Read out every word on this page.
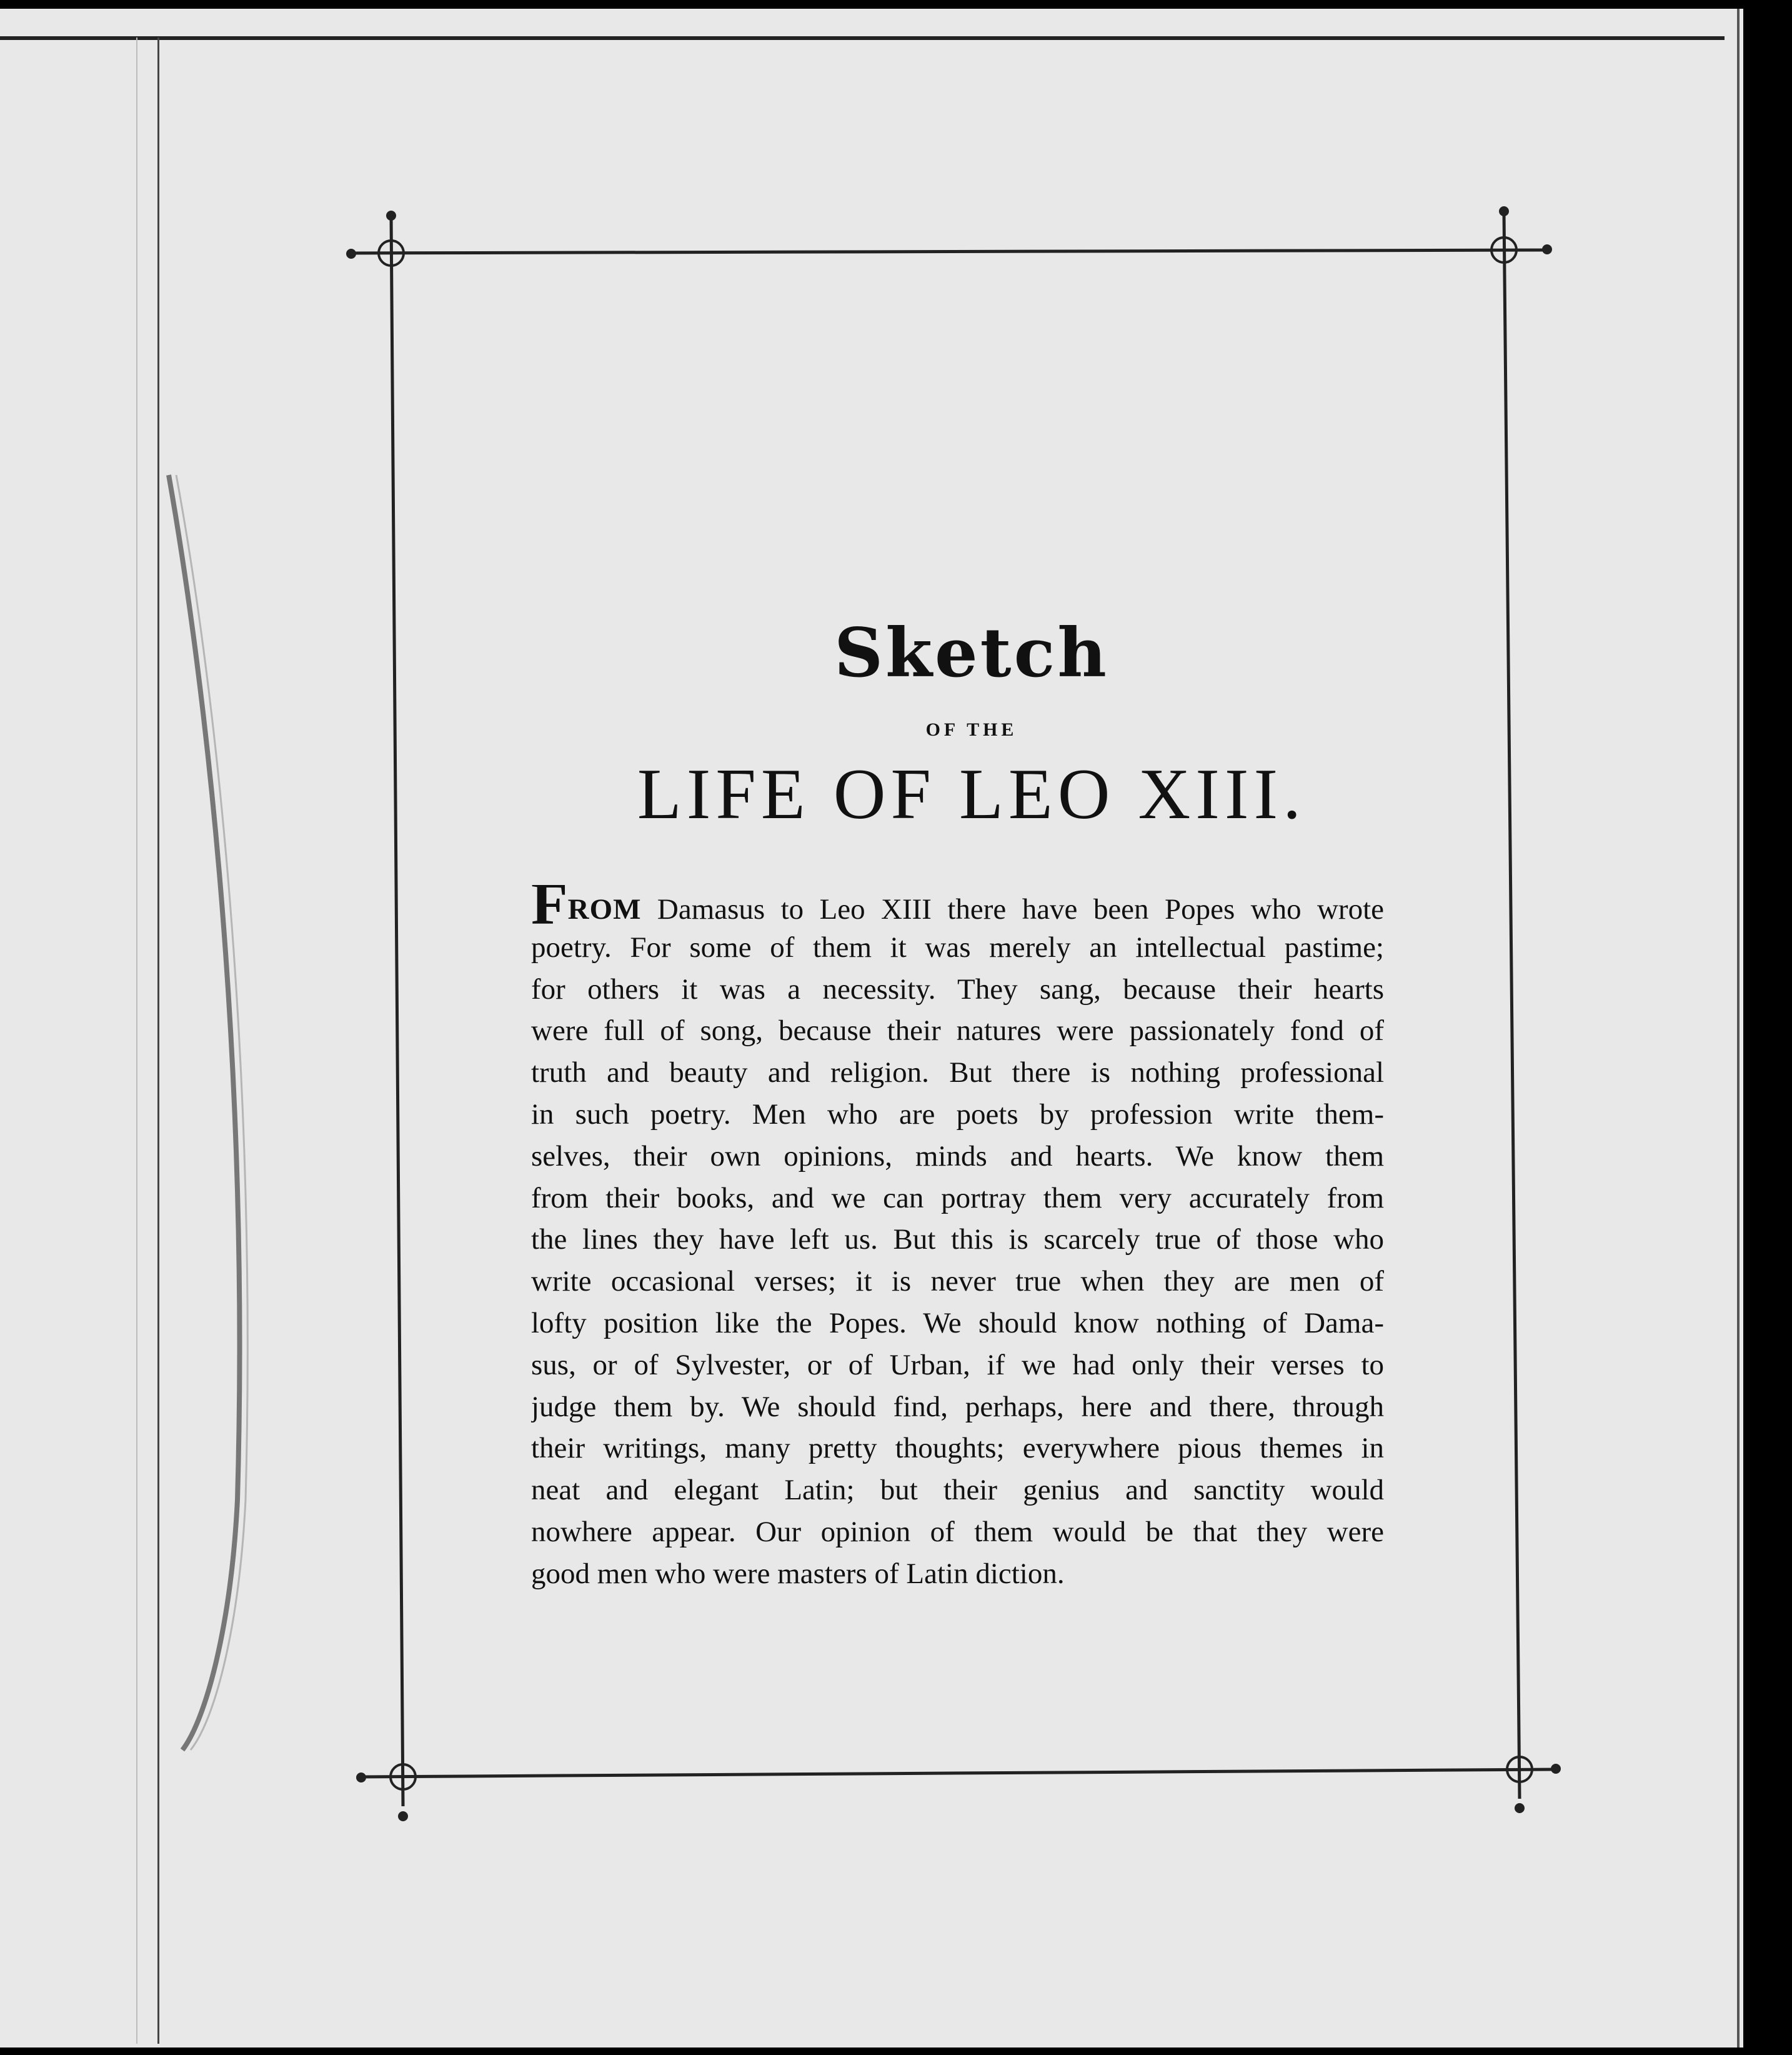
Sketch
OF THE
LIFE OF LEO XIII.
FROM Damasus to Leo XIII there have been Popes who wrote
poetry. For some of them it was merely an intellectual pastime;
for others it was a necessity. They sang, because their hearts
were full of song, because their natures were passionately fond of
truth and beauty and religion. But there is nothing professional
in such poetry. Men who are poets by profession write them-
selves, their own opinions, minds and hearts. We know them
from their books, and we can portray them very accurately from
the lines they have left us. But this is scarcely true of those who
write occasional verses; it is never true when they are men of
lofty position like the Popes. We should know nothing of Dama-
sus, or of Sylvester, or of Urban, if we had only their verses to
judge them by. We should find, perhaps, here and there, through
their writings, many pretty thoughts; everywhere pious themes in
neat and elegant Latin; but their genius and sanctity would
nowhere appear. Our opinion of them would be that they were
good men who were masters of Latin diction.
